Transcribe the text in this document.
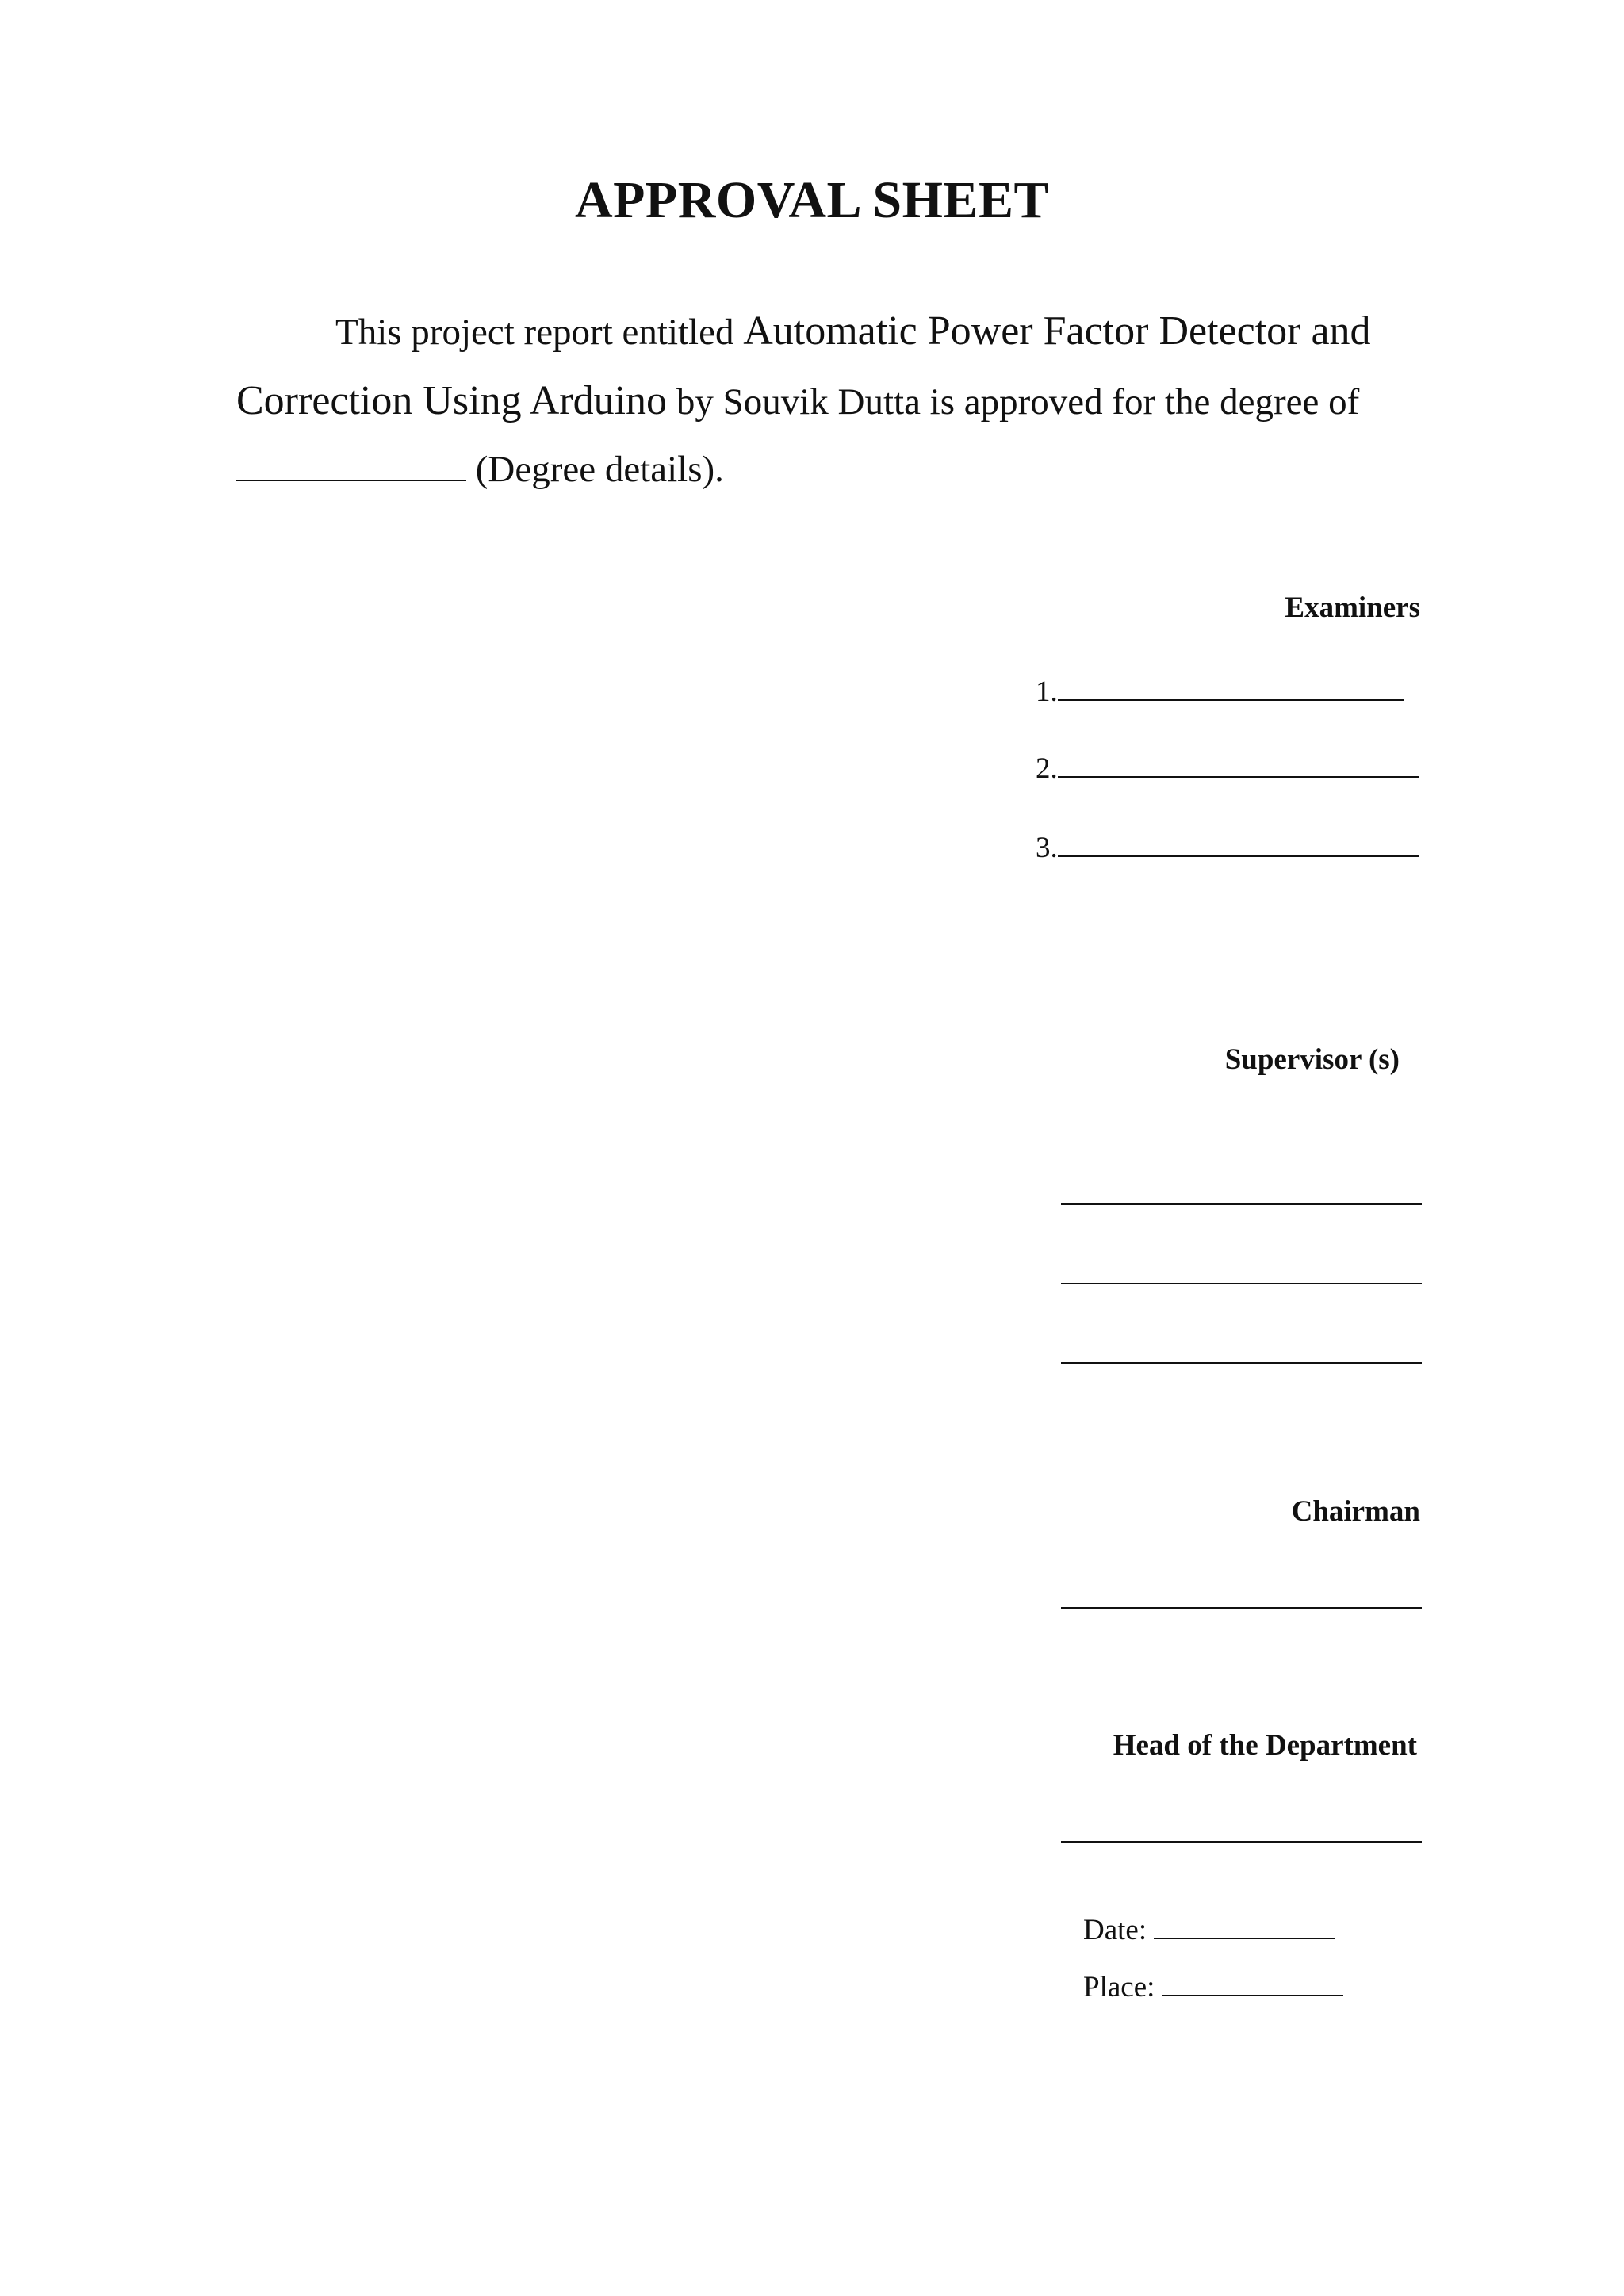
APPROVAL SHEET
This project report entitled Automatic Power Factor Detector and
Correction Using Arduino by Souvik Dutta is approved for the degree of
(Degree details).
Examiners
1.
2.
3.
Supervisor (s)
Chairman
Head of the Department
Date:
Place:
